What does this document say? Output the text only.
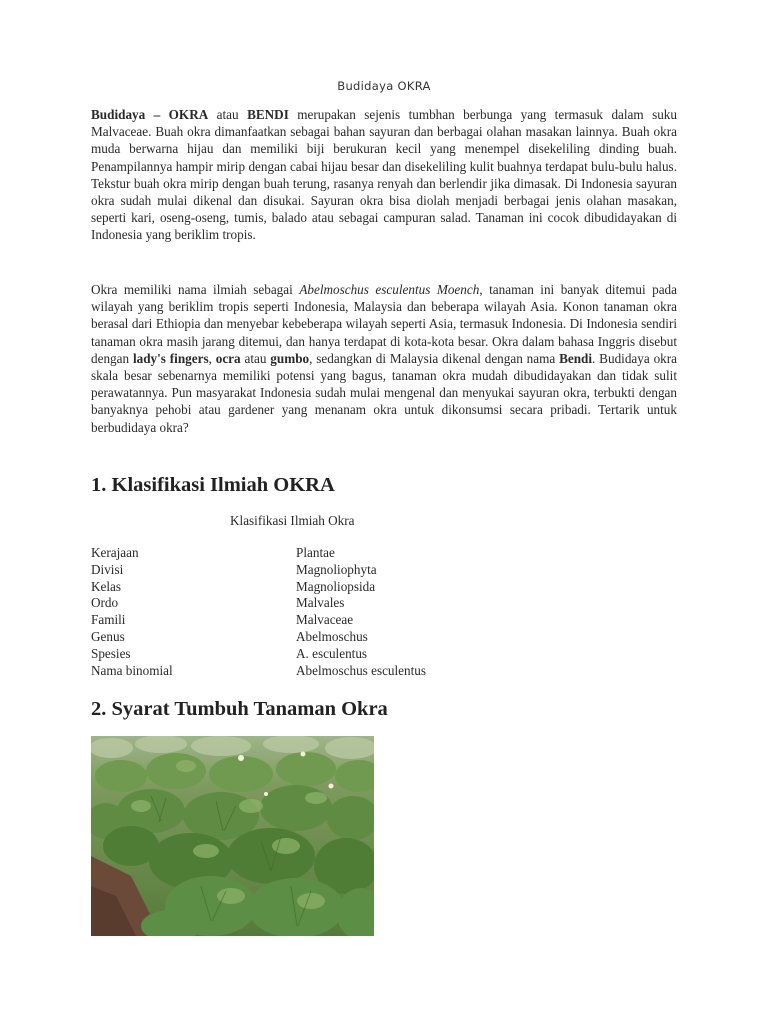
Budidaya OKRA

Budidaya – OKRA atau BENDI merupakan sejenis tumbhan berbunga yang termasuk dalam suku Malvaceae. Buah okra dimanfaatkan sebagai bahan sayuran dan berbagai olahan masakan lainnya. Buah okra muda berwarna hijau dan memiliki biji berukuran kecil yang menempel disekeliling dinding buah. Penampilannya hampir mirip dengan cabai hijau besar dan disekeliling kulit buahnya terdapat bulu-bulu halus. Tekstur buah okra mirip dengan buah terung, rasanya renyah dan berlendir jika dimasak. Di Indonesia sayuran okra sudah mulai dikenal dan disukai. Sayuran okra bisa diolah menjadi berbagai jenis olahan masakan, seperti kari, oseng-oseng, tumis, balado atau sebagai campuran salad. Tanaman ini cocok dibudidayakan di Indonesia yang beriklim tropis.

Okra memiliki nama ilmiah sebagai Abelmoschus esculentus Moench, tanaman ini banyak ditemui pada wilayah yang beriklim tropis seperti Indonesia, Malaysia dan beberapa wilayah Asia. Konon tanaman okra berasal dari Ethiopia dan menyebar kebeberapa wilayah seperti Asia, termasuk Indonesia. Di Indonesia sendiri tanaman okra masih jarang ditemui, dan hanya terdapat di kota-kota besar. Okra dalam bahasa Inggris disebut dengan lady's fingers, ocra atau gumbo, sedangkan di Malaysia dikenal dengan nama Bendi. Budidaya okra skala besar sebenarnya memiliki potensi yang bagus, tanaman okra mudah dibudidayakan dan tidak sulit perawatannya. Pun masyarakat Indonesia sudah mulai mengenal dan menyukai sayuran okra, terbukti dengan banyaknya pehobi atau gardener yang menanam okra untuk dikonsumsi secara pribadi. Tertarik untuk berbudidaya okra?

1. Klasifikasi Ilmiah OKRA
Klasifikasi Ilmiah Okra
Kerajaan	Plantae
Divisi	Magnoliophyta
Kelas	Magnoliopsida
Ordo	Malvales
Famili	Malvaceae
Genus	Abelmoschus
Spesies	A. esculentus
Nama binomial	Abelmoschus esculentus
2. Syarat Tumbuh Tanaman Okra
